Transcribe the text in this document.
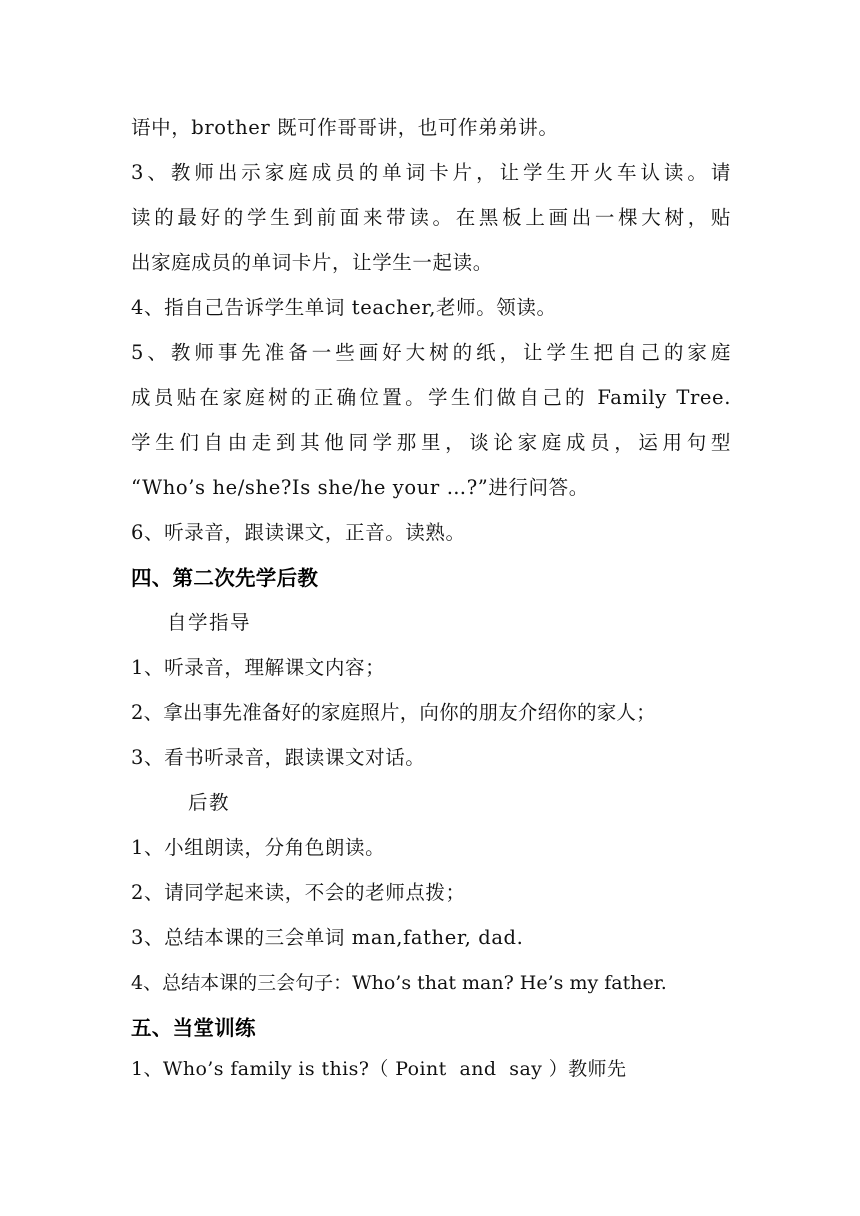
语中，brother 既可作哥哥讲，也可作弟弟讲。
3、教师出示家庭成员的单词卡片，让学生开火车认读。请
读的最好的学生到前面来带读。在黑板上画出一棵大树，贴
出家庭成员的单词卡片，让学生一起读。
4、指自己告诉学生单词 teacher,老师。领读。
5、教师事先准备一些画好大树的纸，让学生把自己的家庭
成员贴在家庭树的正确位置。学生们做自己的 Family Tree.
学生们自由走到其他同学那里，谈论家庭成员，运用句型
“Who’s he/she?Is she/he your …?”进行问答。
6、听录音，跟读课文，正音。读熟。
四、第二次先学后教
自学指导
1、听录音，理解课文内容；
2、拿出事先准备好的家庭照片，向你的朋友介绍你的家人；
3、看书听录音，跟读课文对话。
后教
1、小组朗读，分角色朗读。
2、请同学起来读，不会的老师点拨；
3、总结本课的三会单词 man,father, dad.
4、总结本课的三会句子：Who’s that man? He’s my father.
五、当堂训练
1、Who’s family is this?（ Point  and  say ）教师先
